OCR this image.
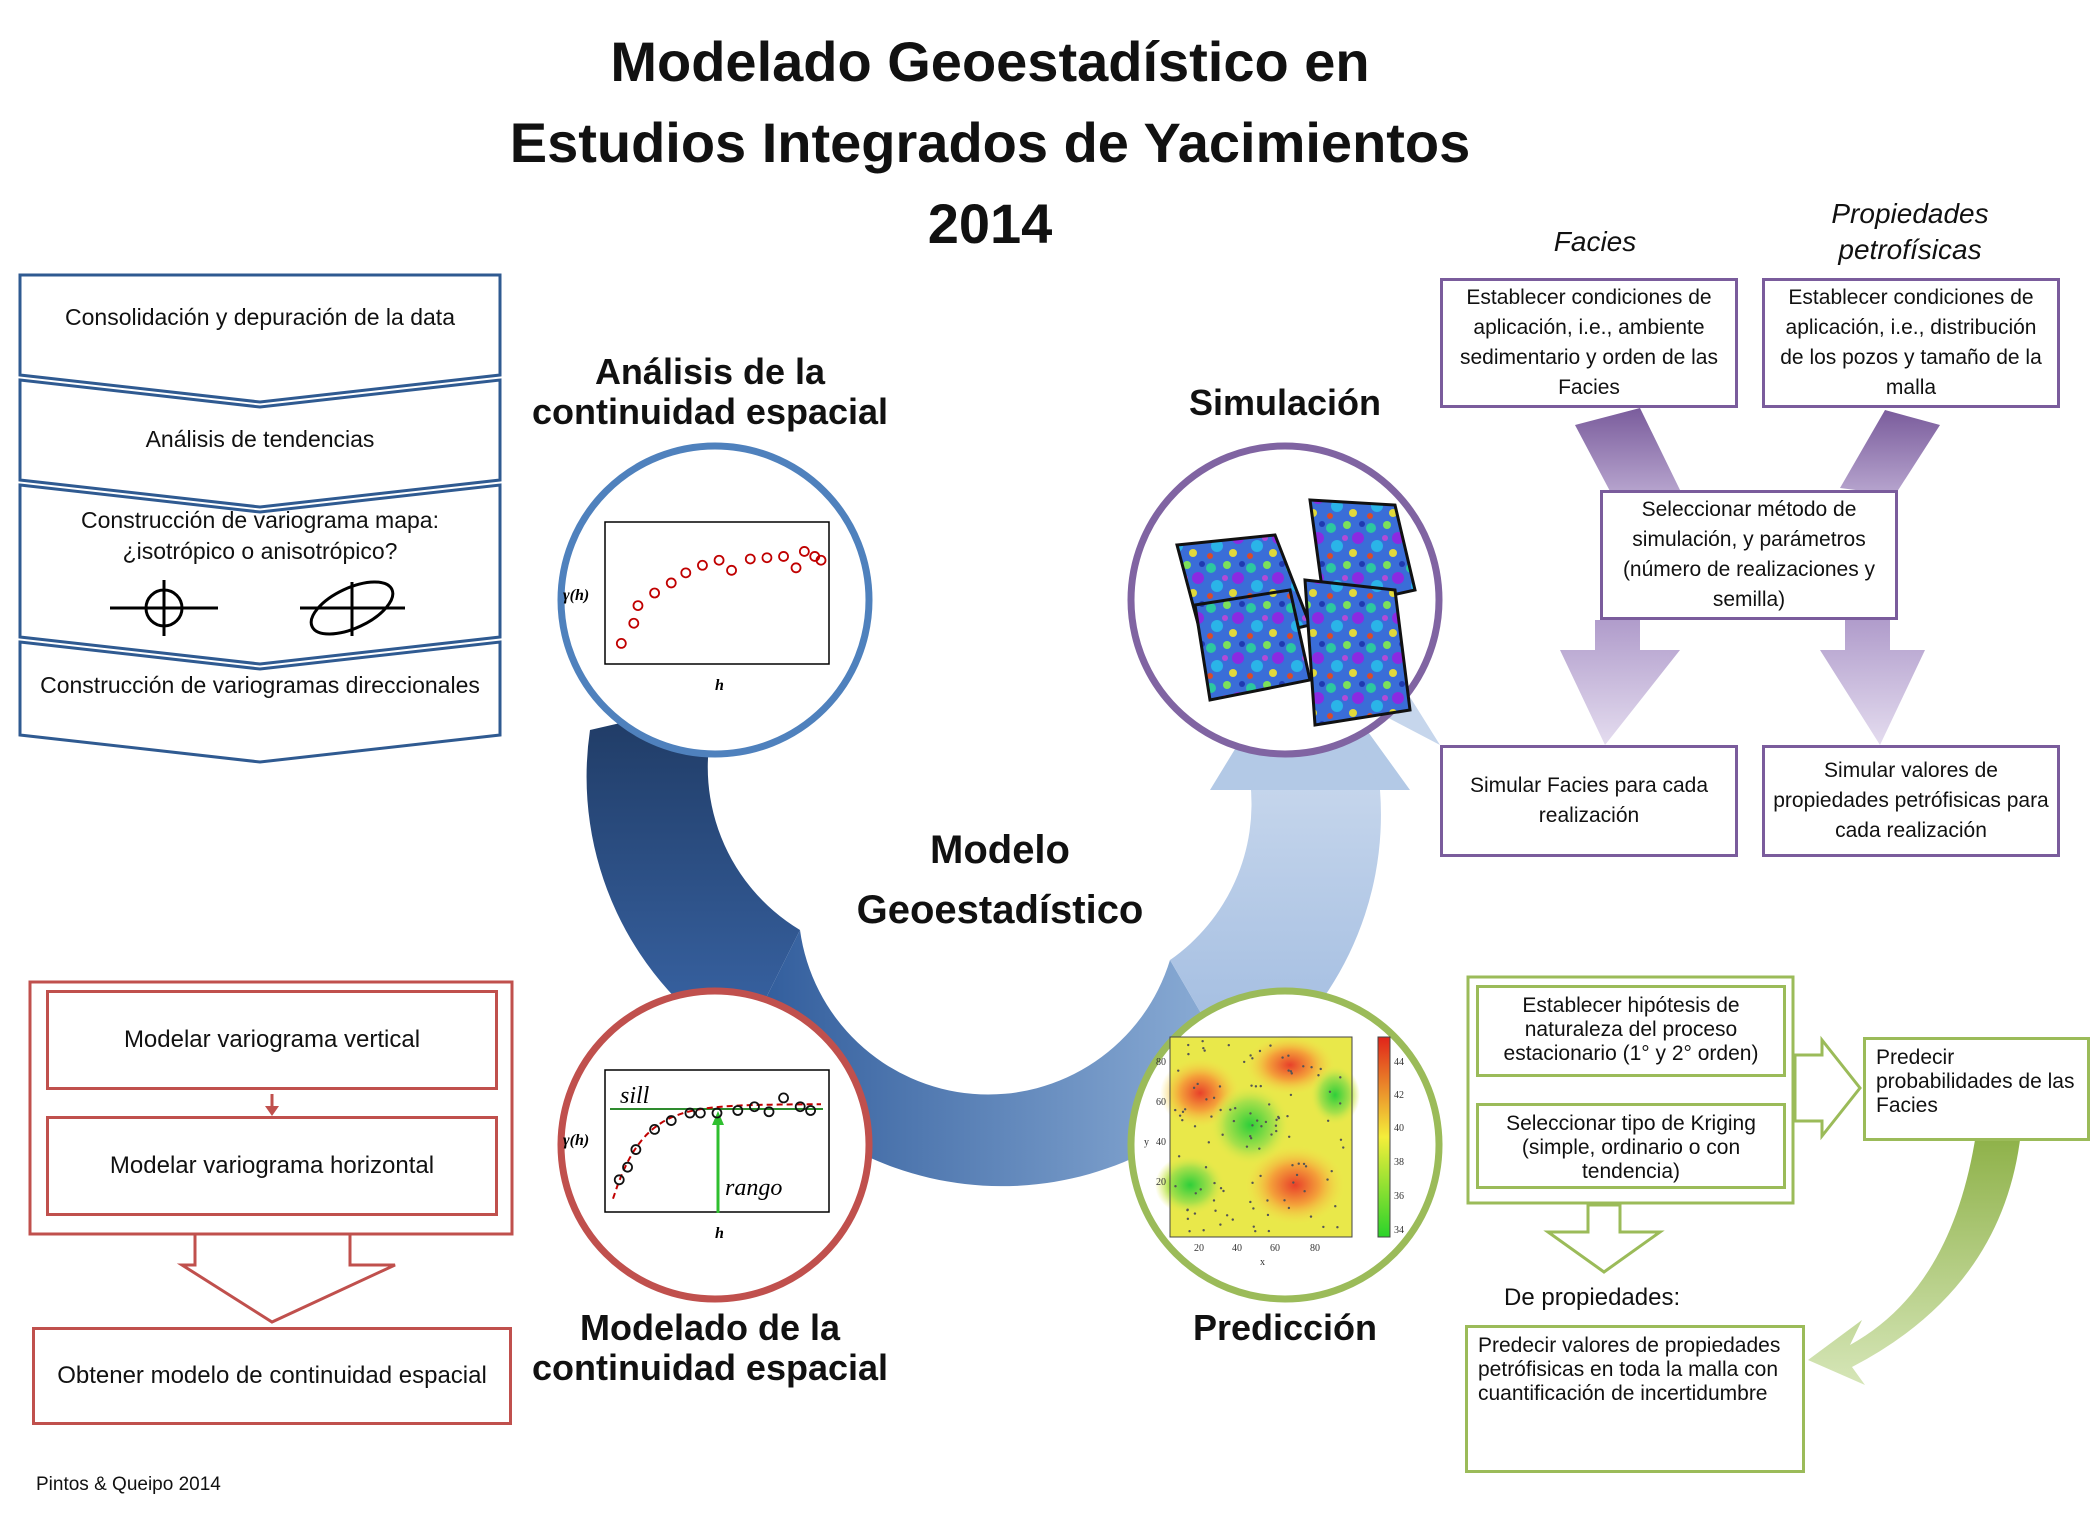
Modelado Geoestadístico en
Estudios Integrados de Yacimientos
2014
Consolidación y depuración de la data
Análisis de tendencias
Construcción de variograma mapa: ¿isotrópico o anisotrópico?
Construcción de variogramas direccionales
Modelar variograma vertical
Modelar variograma horizontal
Obtener modelo de continuidad espacial
Análisis de la
continuidad espacial	Simulación
Modelado de la
continuidad espacial
Predicción
Modelo
Geoestadístico
γ(h)
h
γ(h)
h
sill
rango
20	40	60	80
x
80
60
40
20
y
44
42
40
38
36
34
Facies
Propiedades
petrofísicas
Establecer condiciones de aplicación, i.e., ambiente sedimentario y orden de las Facies
Establecer condiciones de aplicación, i.e., distribución de los pozos y tamaño de la malla
Seleccionar método de simulación, y parámetros (número de realizaciones y semilla)
Simular Facies para cada realización
Simular valores de propiedades petrófisicas para cada realización
Establecer hipótesis de naturaleza del proceso estacionario (1° y 2° orden)
Seleccionar tipo de Kriging (simple, ordinario o con tendencia)
Predecir probabilidades de las Facies
De propiedades:
Predecir valores de propiedades petrófisicas en toda la malla con cuantificación de incertidumbre
Pintos & Queipo 2014
